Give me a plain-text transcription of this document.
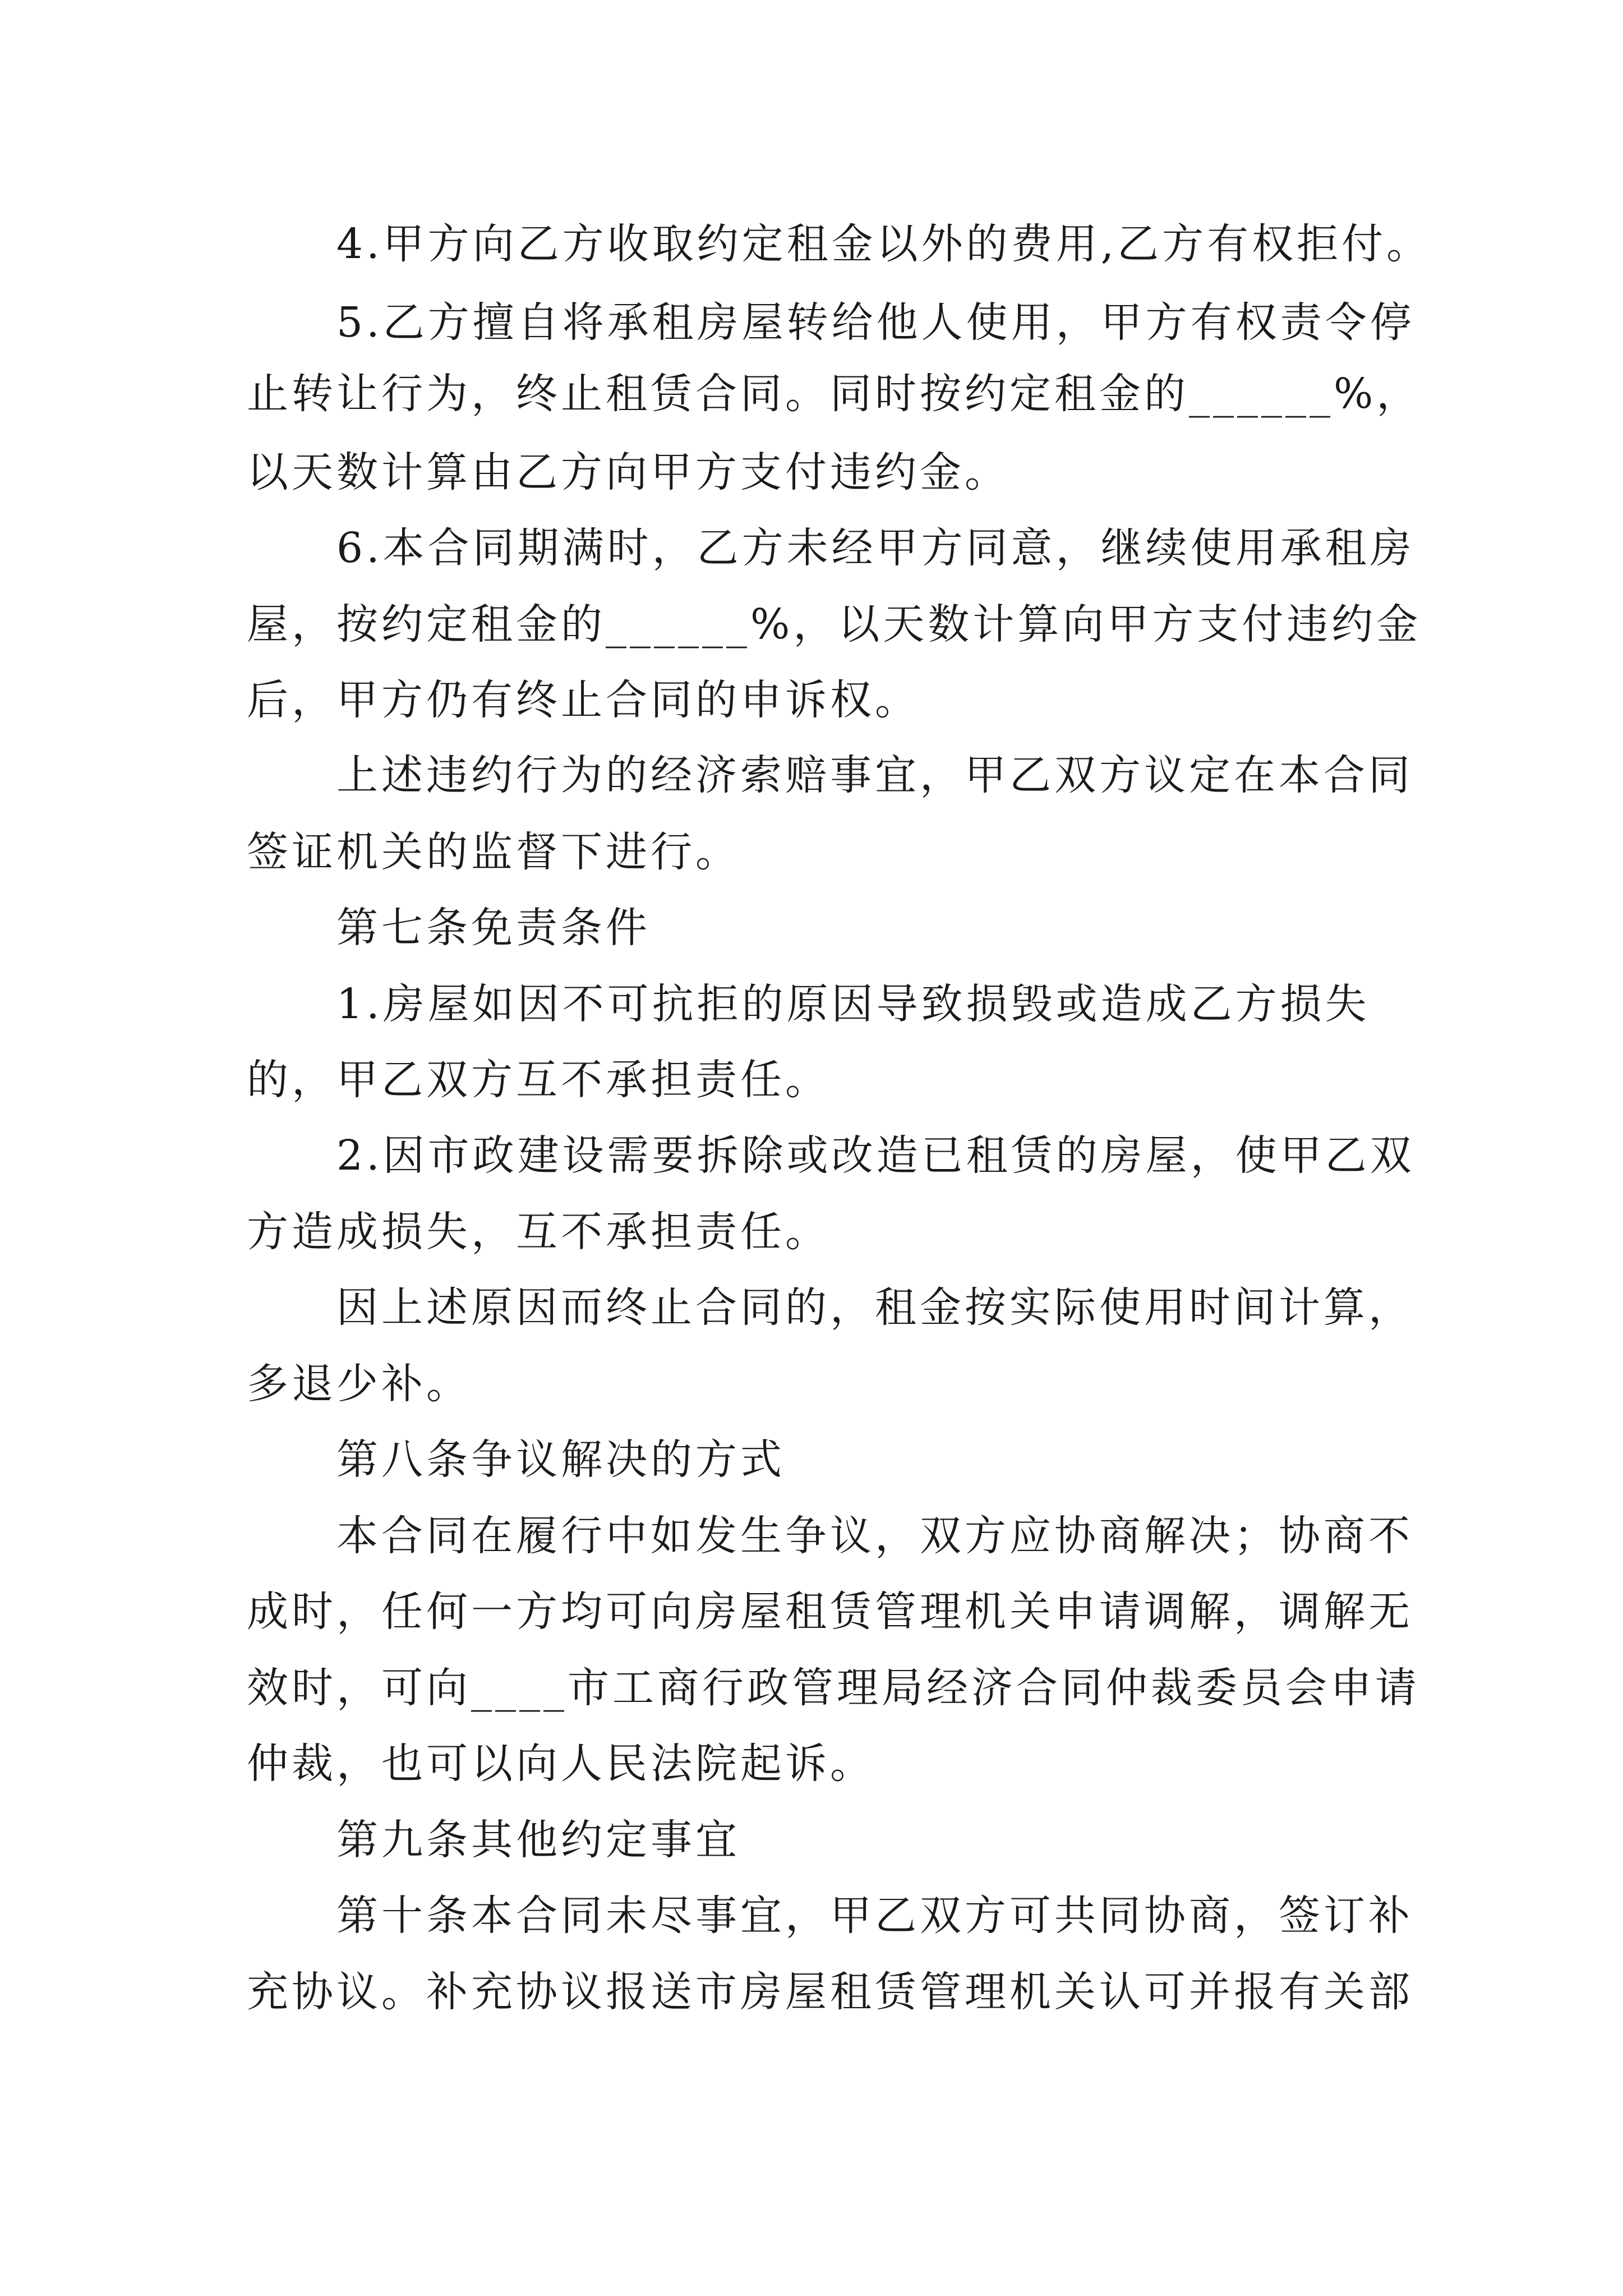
4.甲方向乙方收取约定租金以外的费用,乙方有权拒付。
5.乙方擅自将承租房屋转给他人使用，甲方有权责令停
止转让行为，终止租赁合同。同时按约定租金的______%，
以天数计算由乙方向甲方支付违约金。
6.本合同期满时，乙方未经甲方同意，继续使用承租房
屋，按约定租金的______%，以天数计算向甲方支付违约金
后，甲方仍有终止合同的申诉权。
上述违约行为的经济索赔事宜，甲乙双方议定在本合同
签证机关的监督下进行。
第七条免责条件
1.房屋如因不可抗拒的原因导致损毁或造成乙方损失
的，甲乙双方互不承担责任。
2.因市政建设需要拆除或改造已租赁的房屋，使甲乙双
方造成损失，互不承担责任。
因上述原因而终止合同的，租金按实际使用时间计算，
多退少补。
第八条争议解决的方式
本合同在履行中如发生争议，双方应协商解决；协商不
成时，任何一方均可向房屋租赁管理机关申请调解，调解无
效时，可向____市工商行政管理局经济合同仲裁委员会申请
仲裁，也可以向人民法院起诉。
第九条其他约定事宜
第十条本合同未尽事宜，甲乙双方可共同协商，签订补
充协议。补充协议报送市房屋租赁管理机关认可并报有关部
